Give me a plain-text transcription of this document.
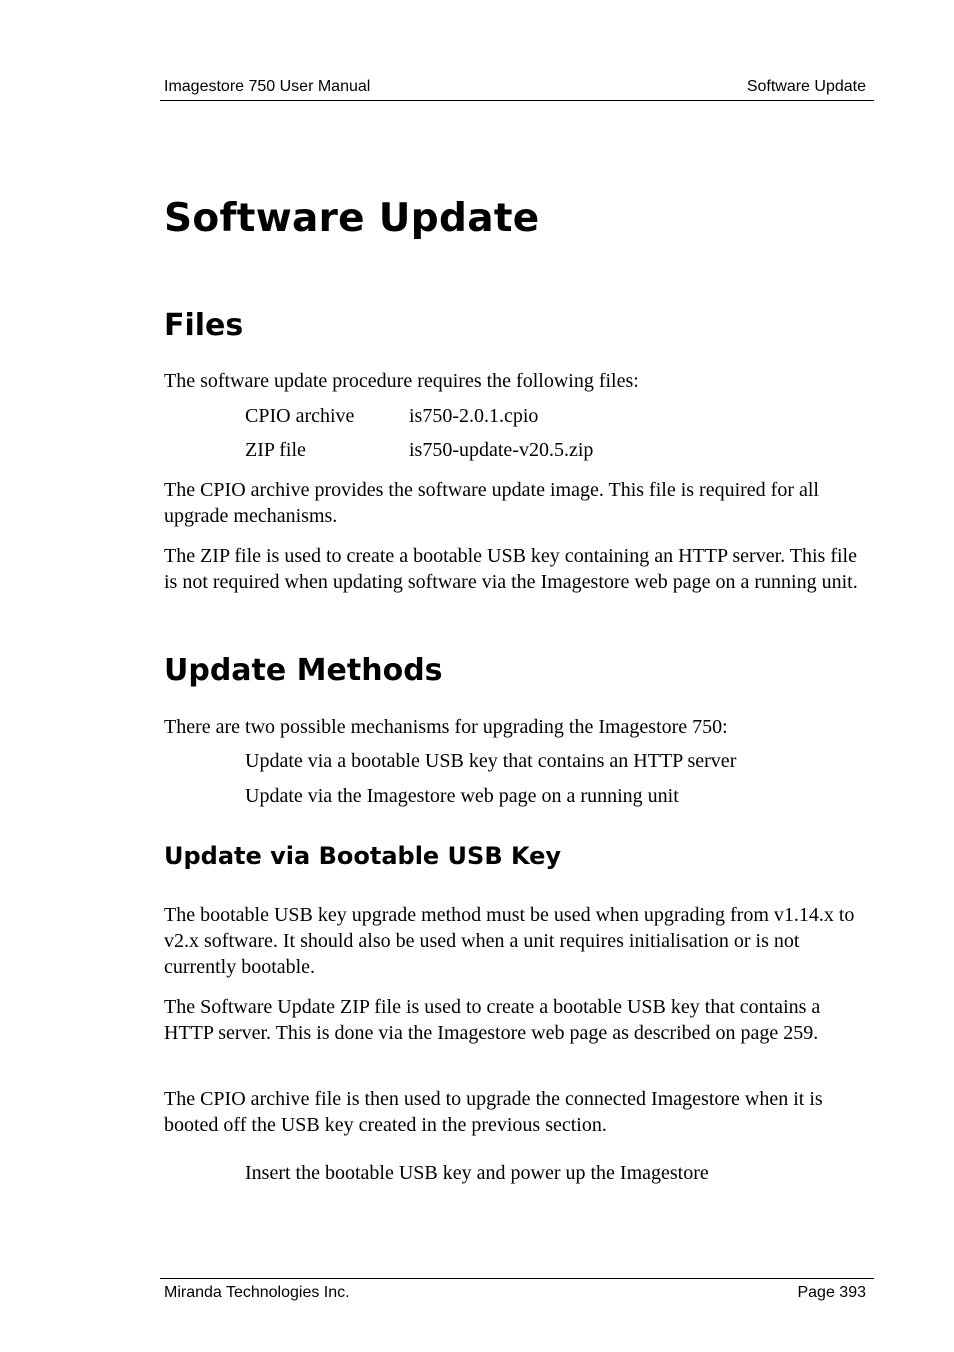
Imagestore 750 User Manual	Software Update
Software Update
Files

The software update procedure requires the following files:

CPIO archive	is750-2.0.1.cpio
ZIP file	is750-update-v20.5.zip

The CPIO archive provides the software update image. This file is required for all upgrade mechanisms.

The ZIP file is used to create a bootable USB key containing an HTTP server. This file is not required when updating software via the Imagestore web page on a running unit.

Update Methods

There are two possible mechanisms for upgrading the Imagestore 750:

Update via a bootable USB key that contains an HTTP server
Update via the Imagestore web page on a running unit
Update via Bootable USB Key

The bootable USB key upgrade method must be used when upgrading from v1.14.x to v2.x software. It should also be used when a unit requires initialisation or is not currently bootable.

The Software Update ZIP file is used to create a bootable USB key that contains a HTTP server. This is done via the Imagestore web page as described on page 259.

The CPIO archive file is then used to upgrade the connected Imagestore when it is booted off the USB key created in the previous section.

Insert the bootable USB key and power up the Imagestore
Miranda Technologies Inc.	Page 393
